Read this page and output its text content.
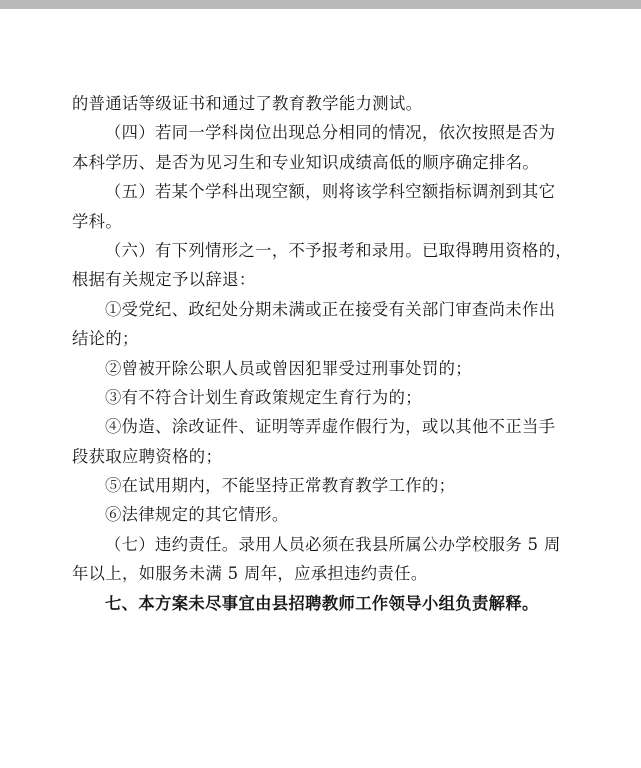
的普通话等级证书和通过了教育教学能力测试。
（四）若同一学科岗位出现总分相同的情况，依次按照是否为
本科学历、是否为见习生和专业知识成绩高低的顺序确定排名。
（五）若某个学科出现空额，则将该学科空额指标调剂到其它
学科。
（六）有下列情形之一，不予报考和录用。已取得聘用资格的，
根据有关规定予以辞退：
①受党纪、政纪处分期未满或正在接受有关部门审查尚未作出
结论的；
②曾被开除公职人员或曾因犯罪受过刑事处罚的；
③有不符合计划生育政策规定生育行为的；
④伪造、涂改证件、证明等弄虚作假行为，或以其他不正当手
段获取应聘资格的；
⑤在试用期内，不能坚持正常教育教学工作的；
⑥法律规定的其它情形。
（七）违约责任。录用人员必须在我县所属公办学校服务 5 周
年以上，如服务未满 5 周年，应承担违约责任。
七、本方案未尽事宜由县招聘教师工作领导小组负责解释。
